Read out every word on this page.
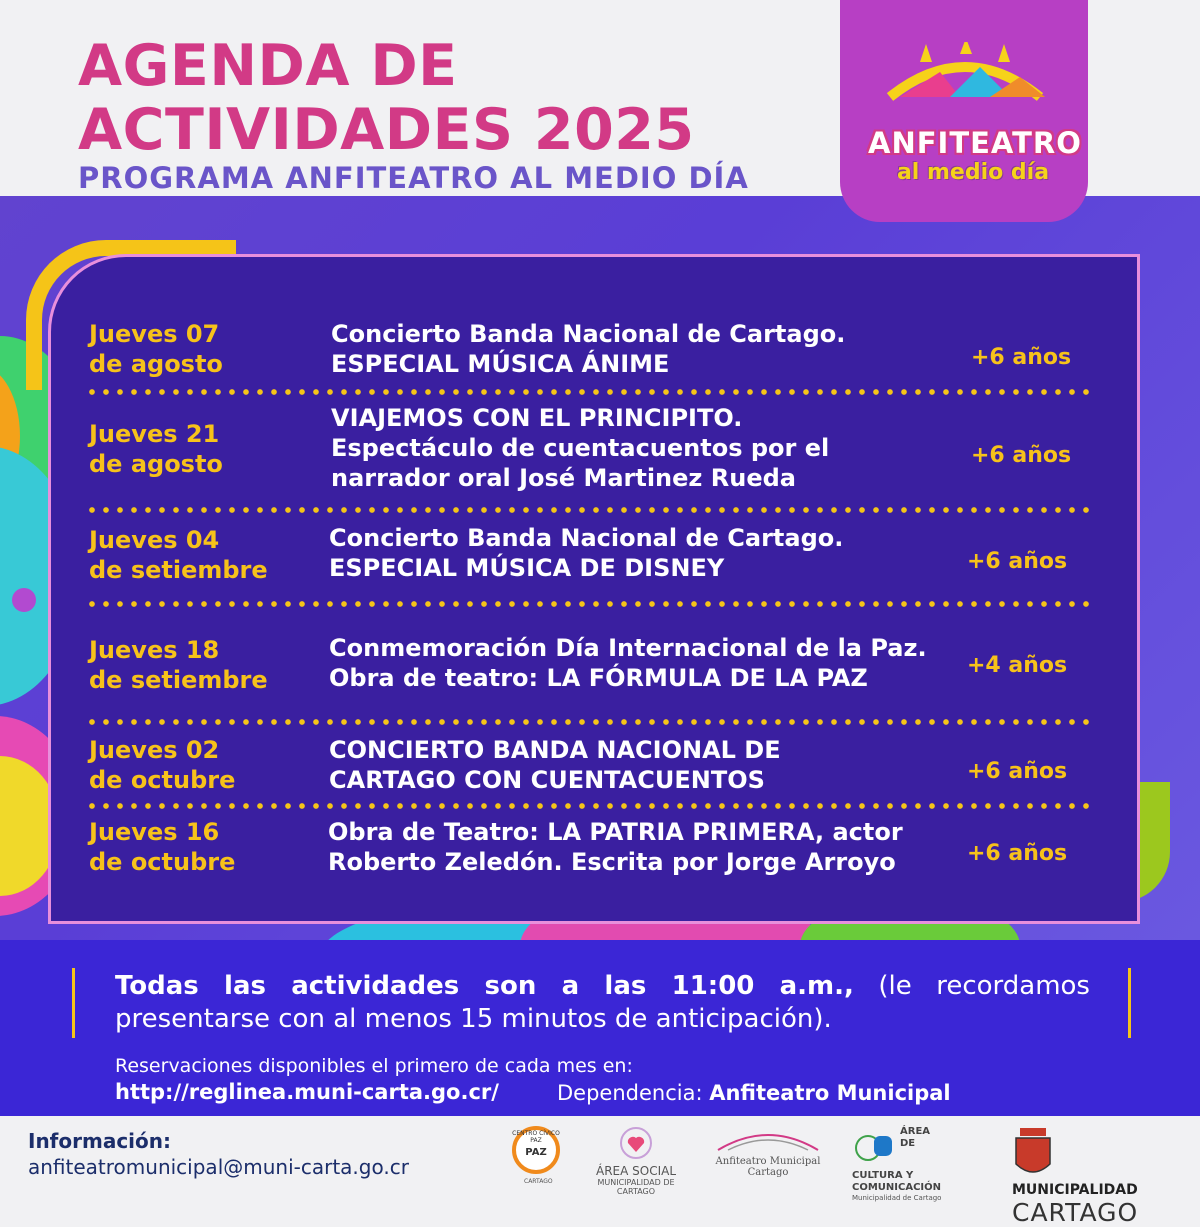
AGENDA DE
ACTIVIDADES 2025
PROGRAMA ANFITEATRO AL MEDIO DÍA
ANFITEATRO
al medio día
Jueves 07
de agosto
Concierto Banda Nacional de Cartago.
ESPECIAL MÚSICA ÁNIME	+6 años
Jueves 21
de agosto
VIAJEMOS CON EL PRINCIPITO.
Espectáculo de cuentacuentos por el
narrador oral José Martinez Rueda
+6 años
Jueves 04
de setiembre
Concierto Banda Nacional de Cartago.
ESPECIAL MÚSICA DE DISNEY	+6 años
Jueves 18
de setiembre
Conmemoración Día Internacional de la Paz.
Obra de teatro: LA FÓRMULA DE LA PAZ	+4 años
Jueves 02
de octubre
CONCIERTO BANDA NACIONAL DE
CARTAGO CON CUENTACUENTOS	+6 años
Jueves 16
de octubre
Obra de Teatro: LA PATRIA PRIMERA, actor
Roberto Zeledón. Escrita por Jorge Arroyo	+6 años
Todas las actividades son a las 11:00 a.m., (le recordamos presentarse con al menos 15 minutos de anticipación).
Reservaciones disponibles el primero de cada mes en:
http://reglinea.muni-carta.go.cr/	Dependencia: Anfiteatro Municipal
Información:
anfiteatromunicipal@muni-carta.go.cr
PAZ
ÁREA SOCIAL
MUNICIPALIDAD DE CARTAGO
Anfiteatro Municipal
Cartago
ÁREA DE CULTURA Y COMUNICACIÓN
Municipalidad de Cartago	MUNICIPALIDAD
CARTAGO
CARTAGO
CENTRO CÍVICO PAZ
